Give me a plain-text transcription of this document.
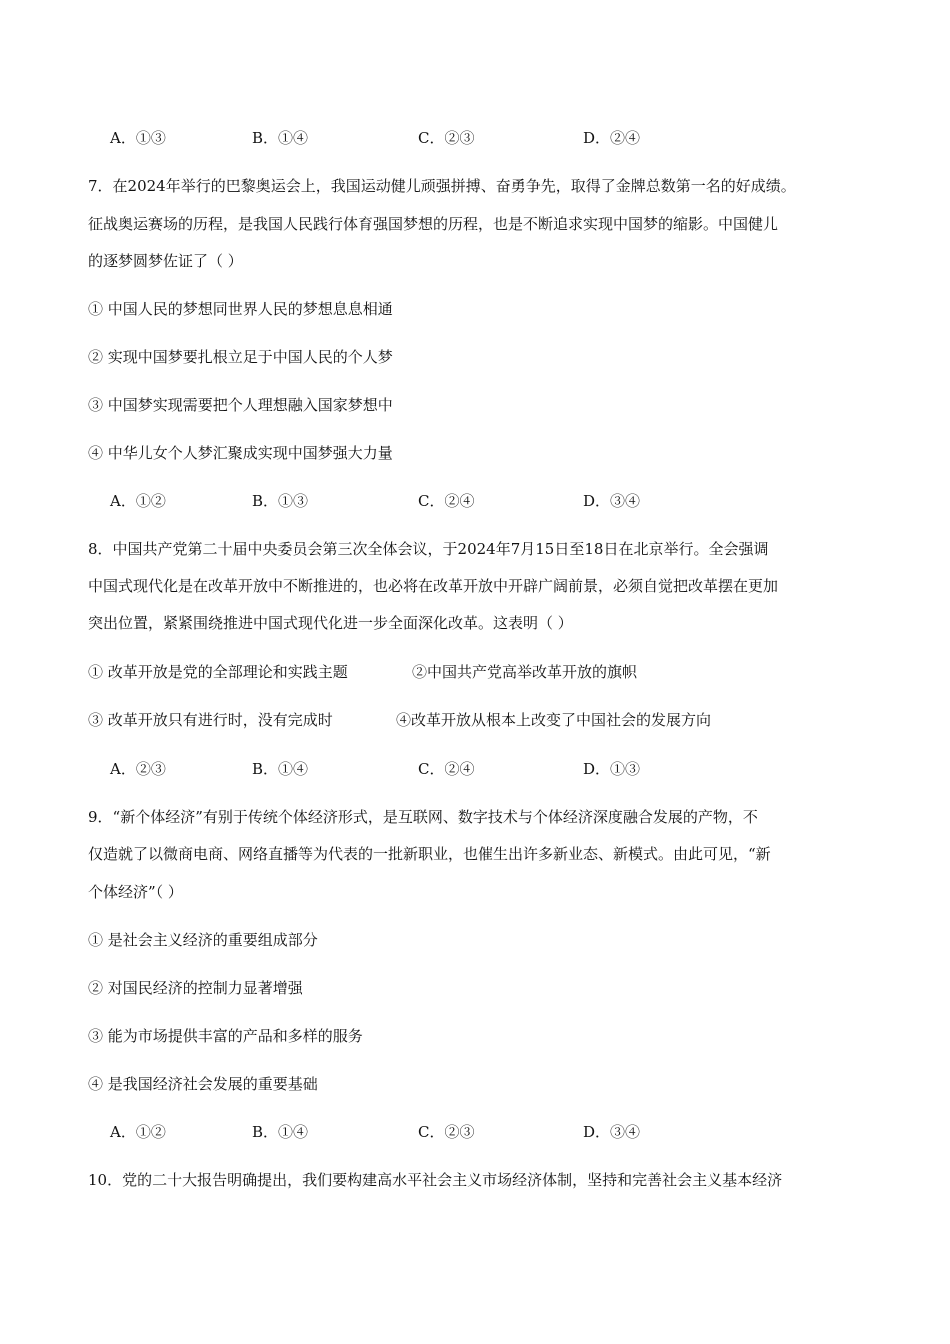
A．①③	B．①④	C．②③	D．②④
7．在2024年举行的巴黎奥运会上，我国运动健儿顽强拼搏、奋勇争先，取得了金牌总数第一名的好成绩。
征战奥运赛场的历程，是我国人民践行体育强国梦想的历程，也是不断追求实现中国梦的缩影。中国健儿
的逐梦圆梦佐证了（ ）
① 中国人民的梦想同世界人民的梦想息息相通
② 实现中国梦要扎根立足于中国人民的个人梦
③ 中国梦实现需要把个人理想融入国家梦想中
④ 中华儿女个人梦汇聚成实现中国梦强大力量
A．①②	B．①③	C．②④	D．③④
8．中国共产党第二十届中央委员会第三次全体会议，于2024年7月15日至18日在北京举行。全会强调
中国式现代化是在改革开放中不断推进的，也必将在改革开放中开辟广阔前景，必须自觉把改革摆在更加
突出位置，紧紧围绕推进中国式现代化进一步全面深化改革。这表明（ ）
① 改革开放是党的全部理论和实践主题	②中国共产党高举改革开放的旗帜
③ 改革开放只有进行时，没有完成时	④改革开放从根本上改变了中国社会的发展方向
A．②③	B．①④	C．②④	D．①③
9．“新个体经济”有别于传统个体经济形式，是互联网、数字技术与个体经济深度融合发展的产物，不
仅造就了以微商电商、网络直播等为代表的一批新职业，也催生出许多新业态、新模式。由此可见，“新
个体经济”（ ）
① 是社会主义经济的重要组成部分
② 对国民经济的控制力显著增强
③ 能为市场提供丰富的产品和多样的服务
④ 是我国经济社会发展的重要基础
A．①②	B．①④	C．②③	D．③④
10．党的二十大报告明确提出，我们要构建高水平社会主义市场经济体制，坚持和完善社会主义基本经济
